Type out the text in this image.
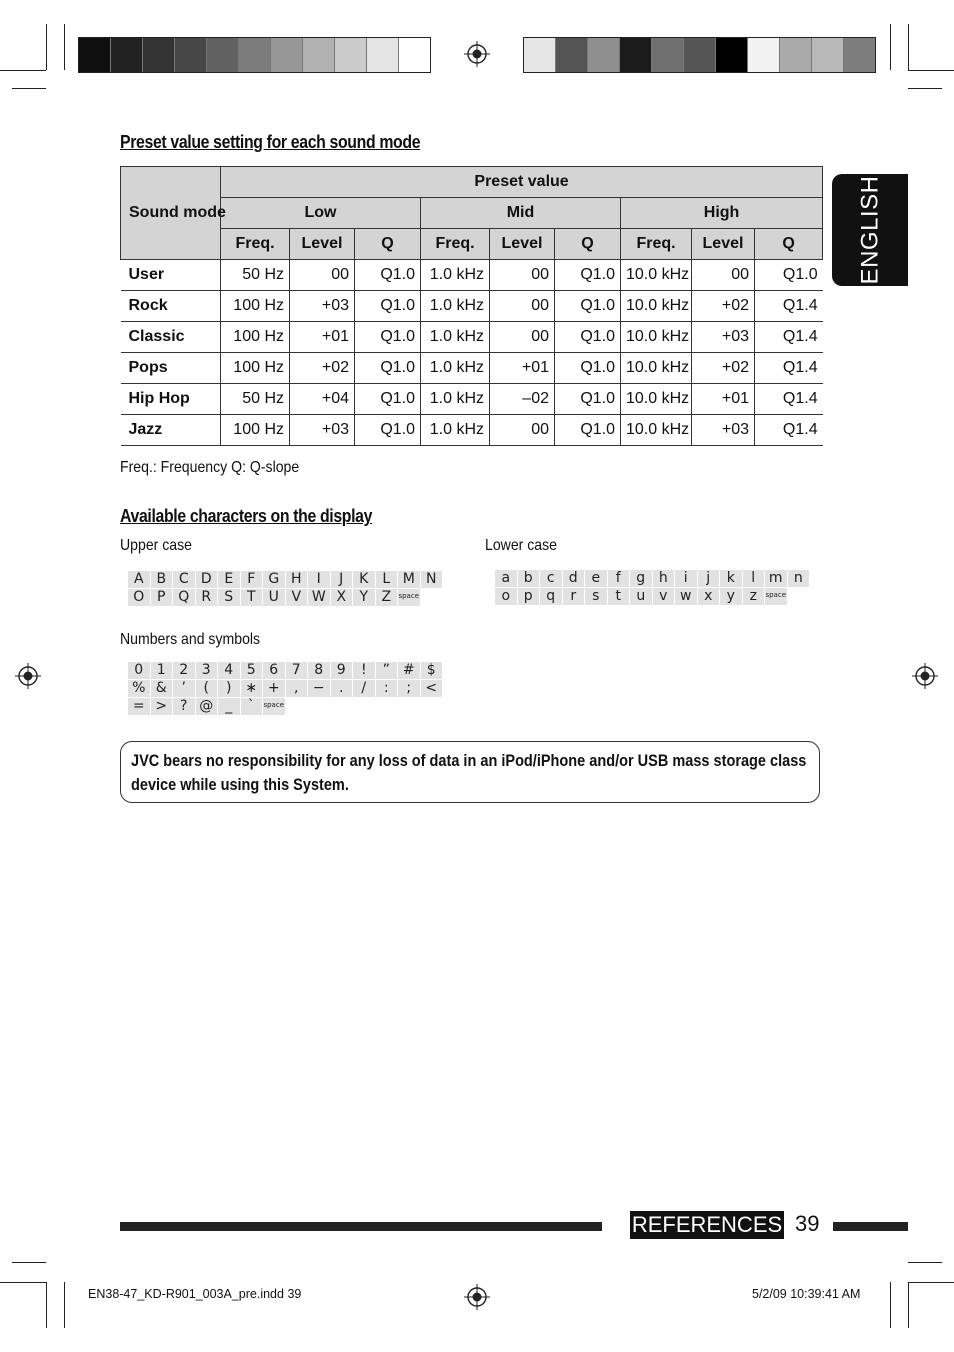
ENGLISH
Preset value setting for each sound mode
Sound mode	Preset value								
	Low			Mid			High		
	Freq.	Level	Q	Freq.	Level	Q	Freq.	Level	Q
User	50 Hz	00	Q1.0	1.0 kHz	00	Q1.0	10.0 kHz	00	Q1.0
Rock	100 Hz	+03	Q1.0	1.0 kHz	00	Q1.0	10.0 kHz	+02	Q1.4
Classic	100 Hz	+01	Q1.0	1.0 kHz	00	Q1.0	10.0 kHz	+03	Q1.4
Pops	100 Hz	+02	Q1.0	1.0 kHz	+01	Q1.0	10.0 kHz	+02	Q1.4
Hip Hop	50 Hz	+04	Q1.0	1.0 kHz	–02	Q1.0	10.0 kHz	+01	Q1.4
Jazz	100 Hz	+03	Q1.0	1.0 kHz	00	Q1.0	10.0 kHz	+03	Q1.4
Freq.: Frequency Q: Q-slope
Available characters on the display
Upper case	Lower case
Numbers and symbols
A B C D E	F G H	I	J	K	L M N
O P Q R S T U V W X Y Z	space
a b	c	d e	f	g h	i	j	k	l m n
o p q	r	s	t	u v w x	y	z	space
0 1 2 3 4 5 6 7 8 9	!	” # $
% &	’	(	) ∗ +	,	−	.	/	:	;	<
= > ? @ _	`	space
JVC bears no responsibility for any loss of data in an iPod/iPhone and/or USB mass storage class
device while using this System.
REFERENCES 39
EN38-47_KD-R901_003A_pre.indd 39	5/2/09 10:39:41 AM
